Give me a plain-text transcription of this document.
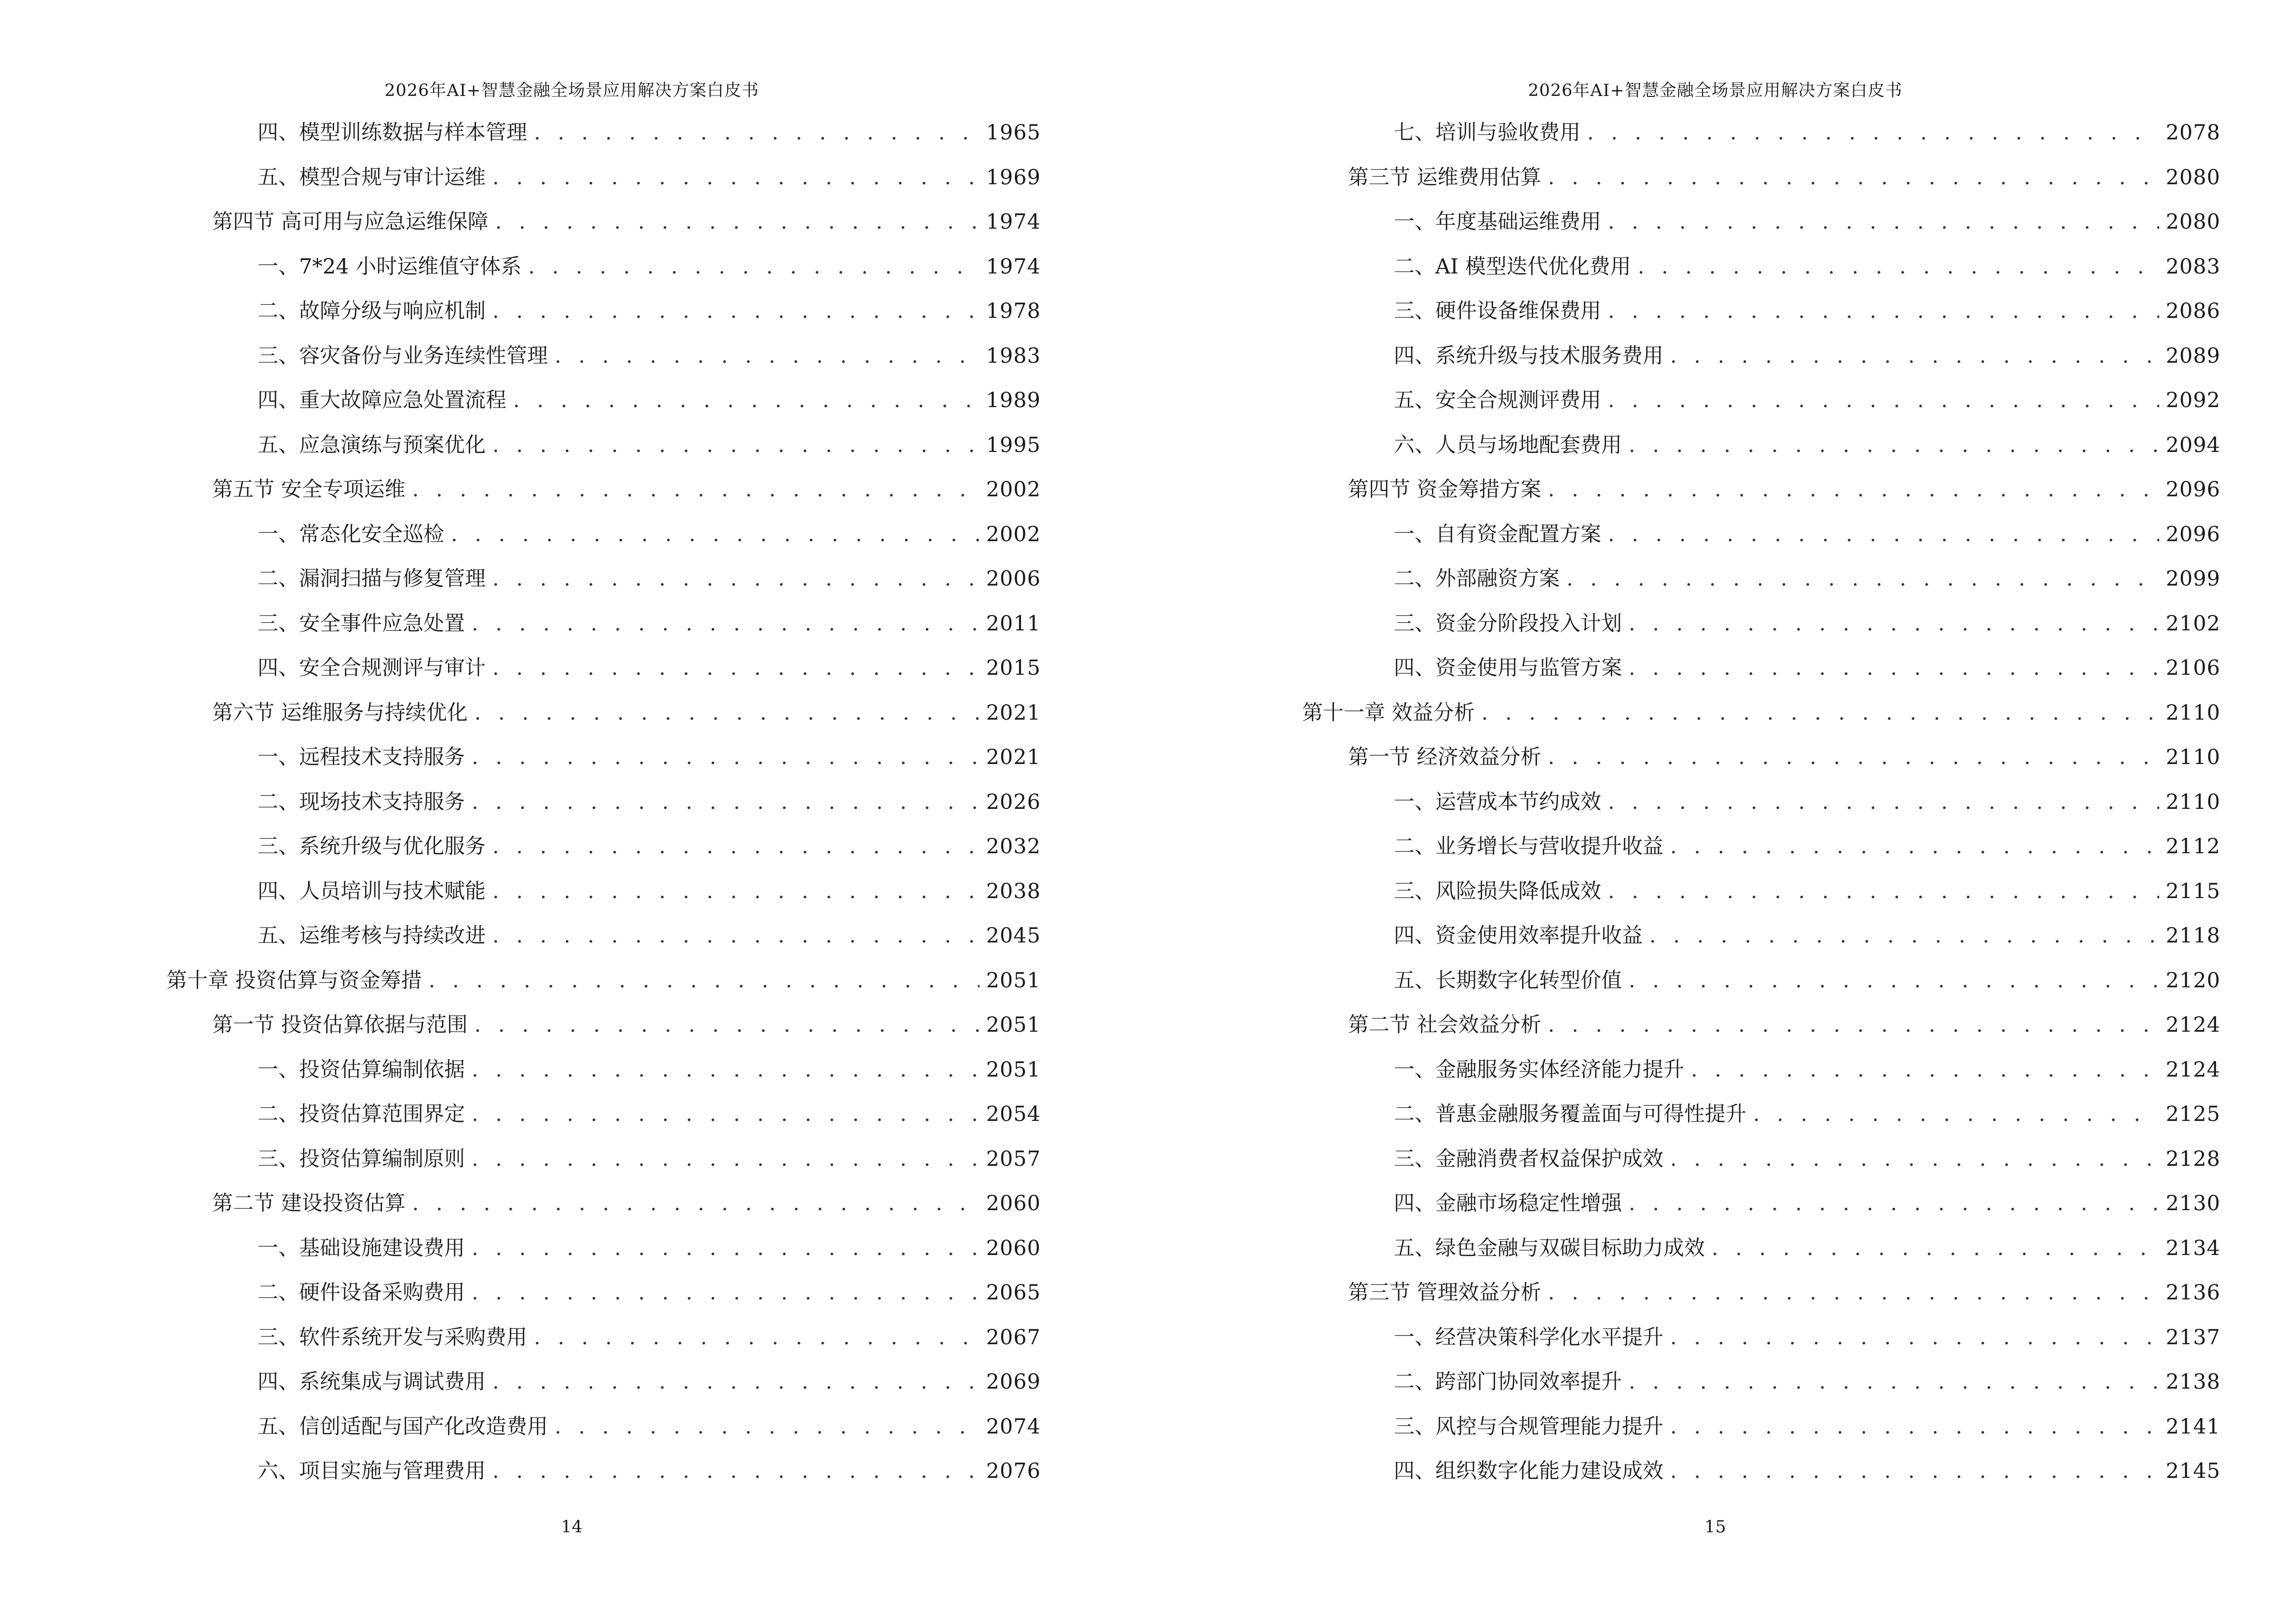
2026年AI+智慧金融全场景应用解决方案白皮书
四、模型训练数据与样本管理 . . .	1965
五、模型合规与审计运维 . . .	1969
第四节 高可用与应急运维保障 . . .	1974
一、7*24 小时运维值守体系 . . .	1974
二、故障分级与响应机制 . . .	1978
三、容灾备份与业务连续性管理 . . .	1983
四、重大故障应急处置流程 . . .	1989
五、应急演练与预案优化 . . .	1995
第五节 安全专项运维 . . .	2002
一、常态化安全巡检 . . .	2002
二、漏洞扫描与修复管理 . . .	2006
三、安全事件应急处置 . . .	2011
四、安全合规测评与审计 . . .	2015
第六节 运维服务与持续优化 . . .	2021
一、远程技术支持服务 . . .	2021
二、现场技术支持服务 . . .	2026
三、系统升级与优化服务 . . .	2032
四、人员培训与技术赋能 . . .	2038
五、运维考核与持续改进 . . .	2045
第十章 投资估算与资金筹措 . . .	2051
第一节 投资估算依据与范围 . . .	2051
一、投资估算编制依据 . . .	2051
二、投资估算范围界定 . . .	2054
三、投资估算编制原则 . . .	2057
第二节 建设投资估算 . . .	2060
一、基础设施建设费用 . . .	2060
二、硬件设备采购费用 . . .	2065
三、软件系统开发与采购费用 . . .	2067
四、系统集成与调试费用 . . .	2069
五、信创适配与国产化改造费用 . . .	2074
六、项目实施与管理费用 . . .	2076
14
2026年AI+智慧金融全场景应用解决方案白皮书
七、培训与验收费用 . . .	2078
第三节 运维费用估算 . . .	2080
一、年度基础运维费用 . . .	2080
二、AI 模型迭代优化费用 . . .	2083
三、硬件设备维保费用 . . .	2086
四、系统升级与技术服务费用 . . .	2089
五、安全合规测评费用 . . .	2092
六、人员与场地配套费用 . . .	2094
第四节 资金筹措方案 . . .	2096
一、自有资金配置方案 . . .	2096
二、外部融资方案 . . .	2099
三、资金分阶段投入计划 . . .	2102
四、资金使用与监管方案 . . .	2106
第十一章 效益分析 . . .	2110
第一节 经济效益分析 . . .	2110
一、运营成本节约成效 . . .	2110
二、业务增长与营收提升收益 . . .	2112
三、风险损失降低成效 . . .	2115
四、资金使用效率提升收益 . . .	2118
五、长期数字化转型价值 . . .	2120
第二节 社会效益分析 . . .	2124
一、金融服务实体经济能力提升 . . .	2124
二、普惠金融服务覆盖面与可得性提升 . . .	2125
三、金融消费者权益保护成效 . . .	2128
四、金融市场稳定性增强 . . .	2130
五、绿色金融与双碳目标助力成效 . . .	2134
第三节 管理效益分析 . . .	2136
一、经营决策科学化水平提升 . . .	2137
二、跨部门协同效率提升 . . .	2138
三、风控与合规管理能力提升 . . .	2141
四、组织数字化能力建设成效 . . .	2145
15
